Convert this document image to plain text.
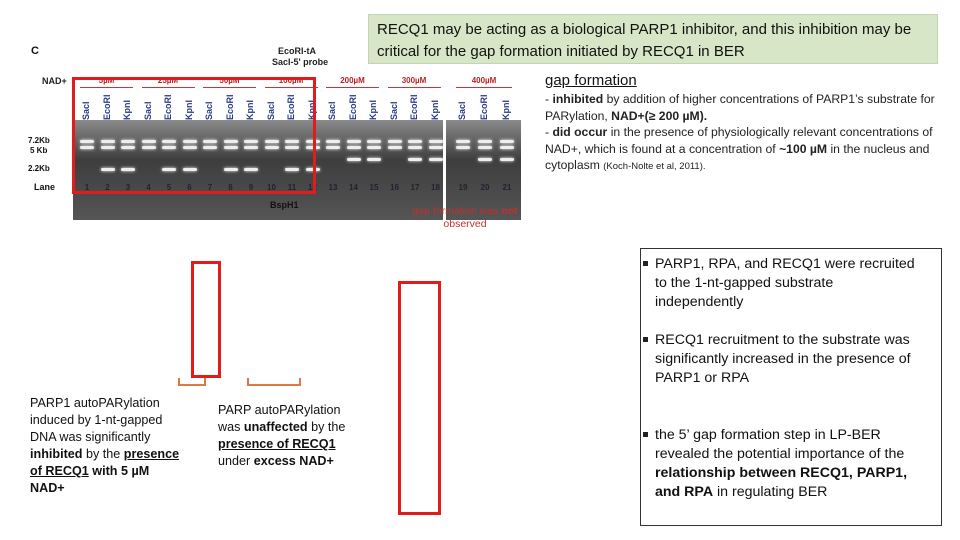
RECQ1 may be acting as a biological PARP1 inhibitor, and this inhibition may be critical for the gap formation initiated by RECQ1 in BER
C	EcoRI-tA
SacI-5' probe
NAD+	5µM	25µM	50µM	100µM	200µM	300µM	400µM
SacI EcoRI KpnI SacI EcoRI KpnI SacI EcoRI KpnI SacI EcoRI KpnI SacI EcoRI KpnI SacI EcoRI KpnI SacI EcoRI KpnI
7.2Kb
5 Kb
2.2Kb
Lane	1	2	3	4	5	6	7	8	9	10	11	12	13	14	15	16	17	18	19	20	21
BspH1	gap formation was not observed
gap formation
- inhibited by addition of higher concentrations of PARP1’s substrate for PARylation, NAD+(≥ 200 µM).
- did occur in the presence of physiologically relevant concentrations of NAD+, which is found at a concentration of ~100 µM in the nucleus and cytoplasm (Koch-Nolte et al, 2011).
PARP1 autoPARylation induced by 1-nt-gapped DNA was significantly inhibited by the presence of RECQ1 with 5 µM NAD+
PARP autoPARylation was unaffected by the presence of RECQ1 under excess NAD+
PARP1, RPA, and RECQ1 were recruited to the 1-nt-gapped substrate independently
RECQ1 recruitment to the substrate was significantly increased in the presence of PARP1 or RPA
the 5’ gap formation step in LP-BER revealed the potential importance of the relationship between RECQ1, PARP1, and RPA in regulating BER
